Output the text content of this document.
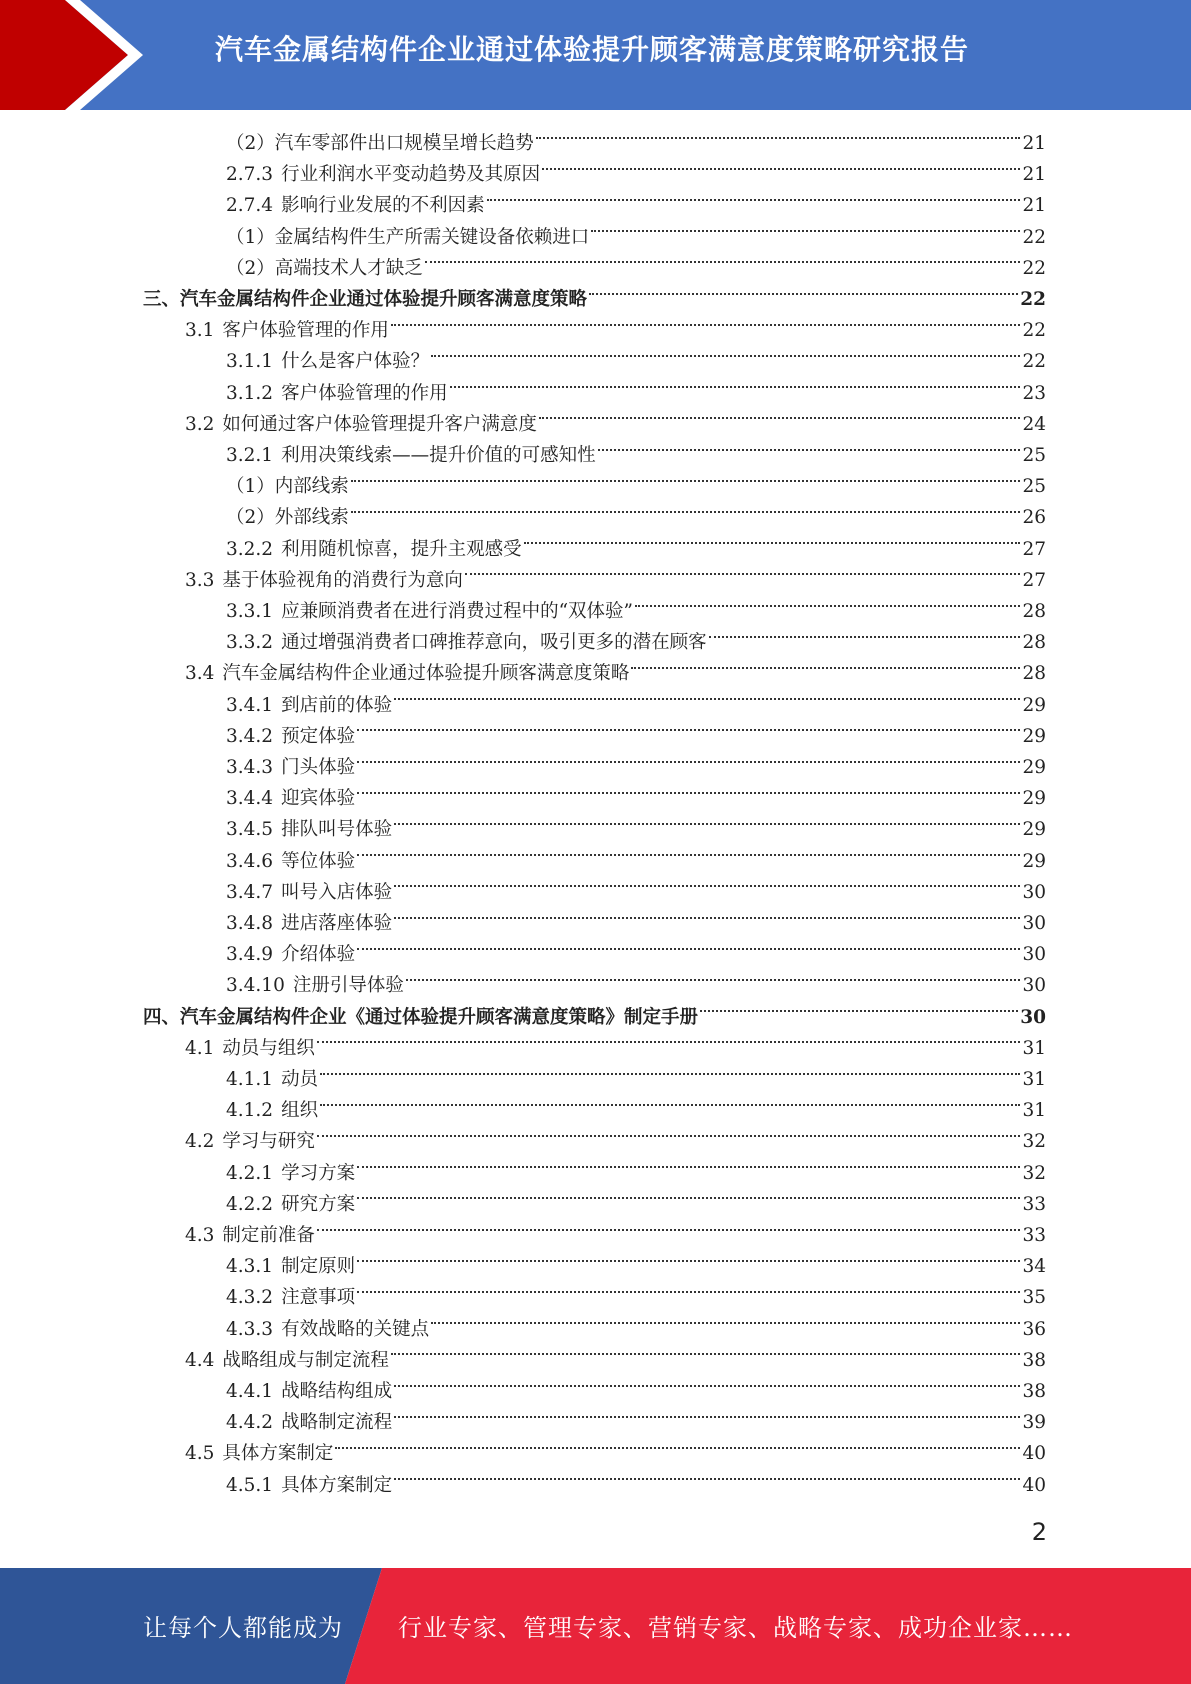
汽车金属结构件企业通过体验提升顾客满意度策略研究报告
（2）汽车零部件出口规模呈增长趋势	21
2.7.3 行业利润水平变动趋势及其原因	21
2.7.4 影响行业发展的不利因素	21
（1）金属结构件生产所需关键设备依赖进口	22
（2）高端技术人才缺乏	22
三、汽车金属结构件企业通过体验提升顾客满意度策略	22
3.1 客户体验管理的作用	22
3.1.1 什么是客户体验？	22
3.1.2 客户体验管理的作用	23
3.2 如何通过客户体验管理提升客户满意度	24
3.2.1 利用决策线索——提升价值的可感知性	25
（1）内部线索	25
（2）外部线索	26
3.2.2 利用随机惊喜，提升主观感受	27
3.3 基于体验视角的消费行为意向	27
3.3.1 应兼顾消费者在进行消费过程中的“双体验”	28
3.3.2 通过增强消费者口碑推荐意向，吸引更多的潜在顾客	28
3.4 汽车金属结构件企业通过体验提升顾客满意度策略	28
3.4.1 到店前的体验	29
3.4.2 预定体验	29
3.4.3 门头体验	29
3.4.4 迎宾体验	29
3.4.5 排队叫号体验	29
3.4.6 等位体验	29
3.4.7 叫号入店体验	30
3.4.8 进店落座体验	30
3.4.9 介绍体验	30
3.4.10 注册引导体验	30
四、汽车金属结构件企业《通过体验提升顾客满意度策略》制定手册	30
4.1 动员与组织	31
4.1.1 动员	31
4.1.2 组织	31
4.2 学习与研究	32
4.2.1 学习方案	32
4.2.2 研究方案	33
4.3 制定前准备	33
4.3.1 制定原则	34
4.3.2 注意事项	35
4.3.3 有效战略的关键点	36
4.4 战略组成与制定流程	38
4.4.1 战略结构组成	38
4.4.2 战略制定流程	39
4.5 具体方案制定	40
4.5.1 具体方案制定	40
2
让每个人都能成为 行业专家、管理专家、营销专家、战略专家、成功企业家……
